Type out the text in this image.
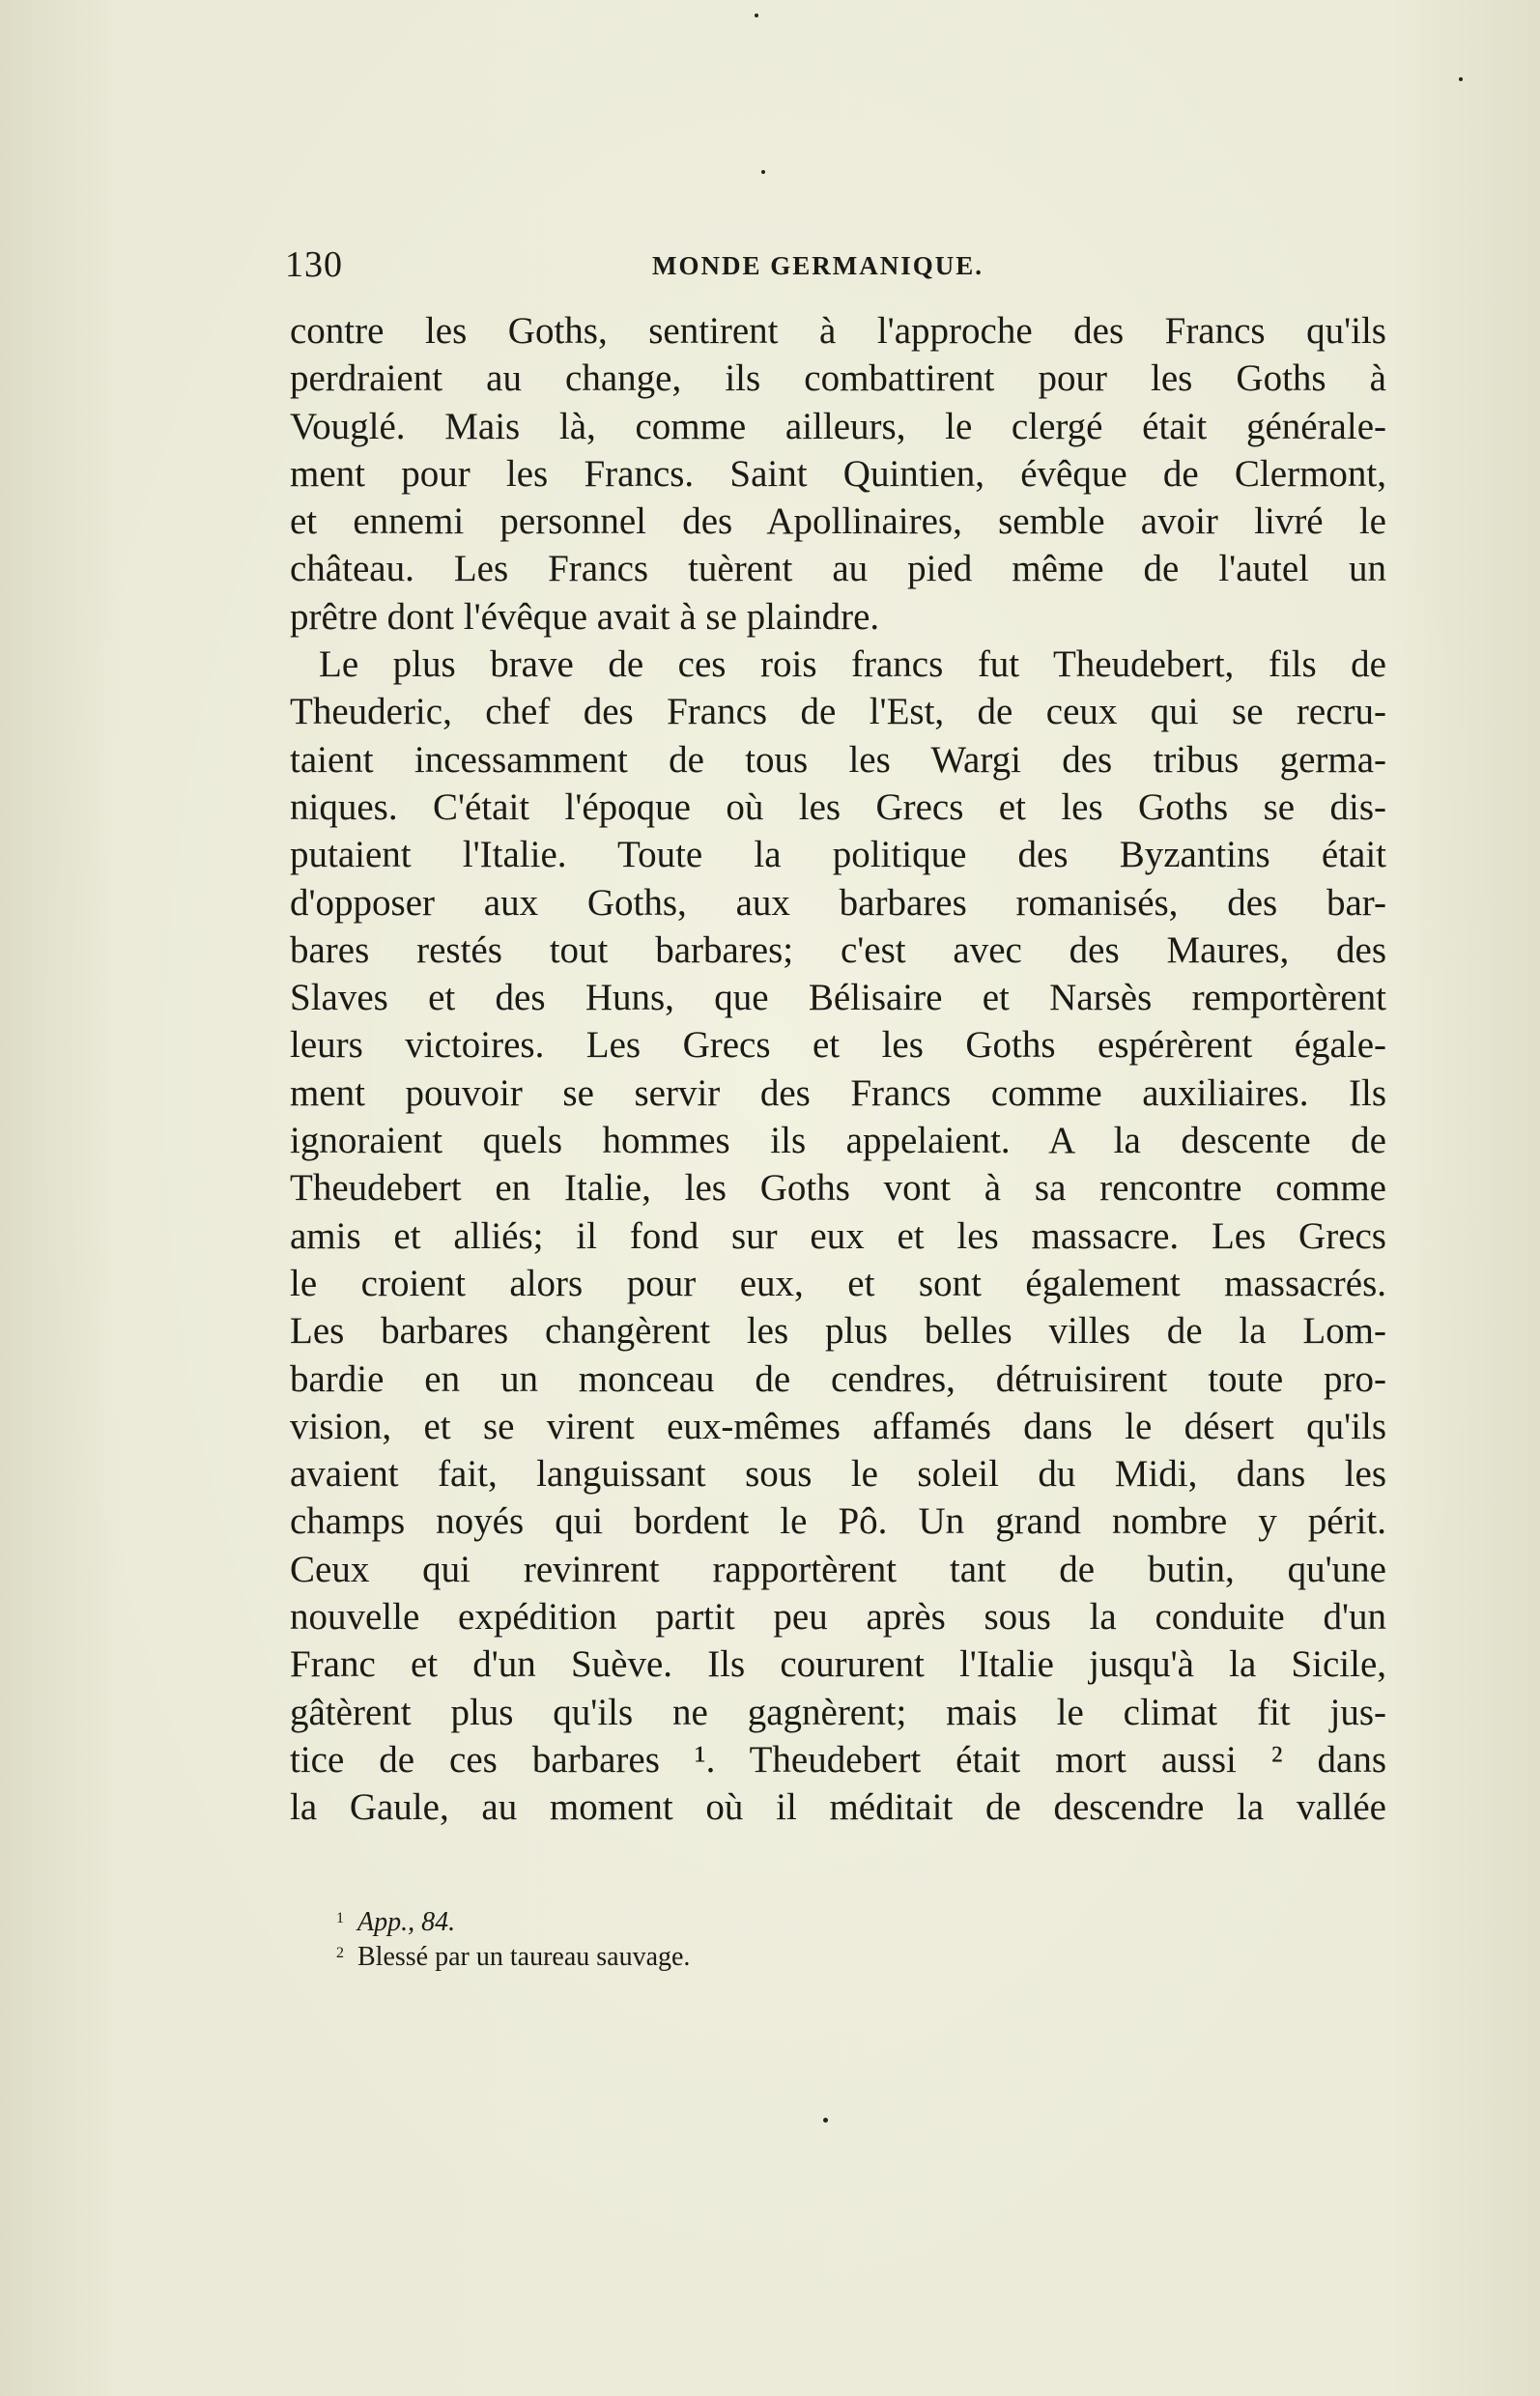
130	MONDE GERMANIQUE.
contre les Goths, sentirent à l'approche des Francs qu'ils
perdraient au change, ils combattirent pour les Goths à
Vouglé. Mais là, comme ailleurs, le clergé était générale-
ment pour les Francs. Saint Quintien, évêque de Clermont,
et ennemi personnel des Apollinaires, semble avoir livré le
château. Les Francs tuèrent au pied même de l'autel un
prêtre dont l'évêque avait à se plaindre.
Le plus brave de ces rois francs fut Theudebert, fils de
Theuderic, chef des Francs de l'Est, de ceux qui se recru-
taient incessamment de tous les Wargi des tribus germa-
niques. C'était l'époque où les Grecs et les Goths se dis-
putaient l'Italie. Toute la politique des Byzantins était
d'opposer aux Goths, aux barbares romanisés, des bar-
bares restés tout barbares; c'est avec des Maures, des
Slaves et des Huns, que Bélisaire et Narsès remportèrent
leurs victoires. Les Grecs et les Goths espérèrent égale-
ment pouvoir se servir des Francs comme auxiliaires. Ils
ignoraient quels hommes ils appelaient. A la descente de
Theudebert en Italie, les Goths vont à sa rencontre comme
amis et alliés; il fond sur eux et les massacre. Les Grecs
le croient alors pour eux, et sont également massacrés.
Les barbares changèrent les plus belles villes de la Lom-
bardie en un monceau de cendres, détruisirent toute pro-
vision, et se virent eux-mêmes affamés dans le désert qu'ils
avaient fait, languissant sous le soleil du Midi, dans les
champs noyés qui bordent le Pô. Un grand nombre y périt.
Ceux qui revinrent rapportèrent tant de butin, qu'une
nouvelle expédition partit peu après sous la conduite d'un
Franc et d'un Suève. Ils coururent l'Italie jusqu'à la Sicile,
gâtèrent plus qu'ils ne gagnèrent; mais le climat fit jus-
tice de ces barbares ¹. Theudebert était mort aussi ² dans
la Gaule, au moment où il méditait de descendre la vallée
$^1$ App., 84.
$^2$ Blessé par un taureau sauvage.
